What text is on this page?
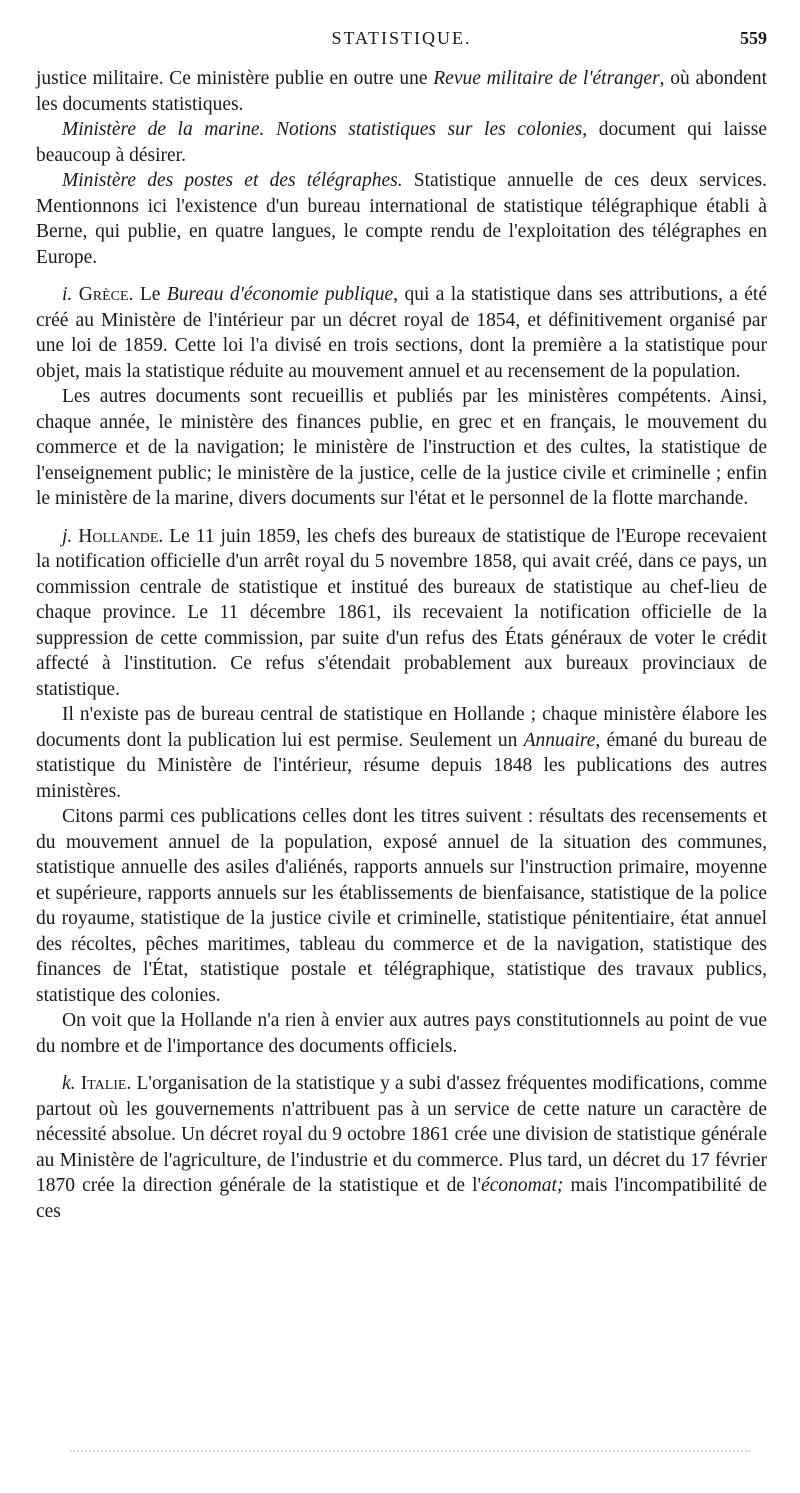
STATISTIQUE.	559

justice militaire. Ce ministère publie en outre une Revue militaire de l'étranger, où abondent les documents statistiques.

Ministère de la marine. Notions statistiques sur les colonies, document qui laisse beaucoup à désirer.

Ministère des postes et des télégraphes. Statistique annuelle de ces deux services. Mentionnons ici l'existence d'un bureau international de statistique télégraphique établi à Berne, qui publie, en quatre langues, le compte rendu de l'exploitation des télégraphes en Europe.

i. Grèce. Le Bureau d'économie publique, qui a la statistique dans ses attributions, a été créé au Ministère de l'intérieur par un décret royal de 1854, et définitivement organisé par une loi de 1859. Cette loi l'a divisé en trois sections, dont la première a la statistique pour objet, mais la statistique réduite au mouvement annuel et au recensement de la population.

Les autres documents sont recueillis et publiés par les ministères compétents. Ainsi, chaque année, le ministère des finances publie, en grec et en français, le mouvement du commerce et de la navigation; le ministère de l'instruction et des cultes, la statistique de l'enseignement public; le ministère de la justice, celle de la justice civile et criminelle ; enfin le ministère de la marine, divers documents sur l'état et le personnel de la flotte marchande.

j. Hollande. Le 11 juin 1859, les chefs des bureaux de statistique de l'Europe recevaient la notification officielle d'un arrêt royal du 5 novembre 1858, qui avait créé, dans ce pays, un commission centrale de statistique et institué des bureaux de statistique au chef-lieu de chaque province. Le 11 décembre 1861, ils recevaient la notification officielle de la suppression de cette commission, par suite d'un refus des États généraux de voter le crédit affecté à l'institution. Ce refus s'étendait probablement aux bureaux provinciaux de statistique.

Il n'existe pas de bureau central de statistique en Hollande ; chaque ministère élabore les documents dont la publication lui est permise. Seulement un Annuaire, émané du bureau de statistique du Ministère de l'intérieur, résume depuis 1848 les publications des autres ministères.

Citons parmi ces publications celles dont les titres suivent : résultats des recensements et du mouvement annuel de la population, exposé annuel de la situation des communes, statistique annuelle des asiles d'aliénés, rapports annuels sur l'instruction primaire, moyenne et supérieure, rapports annuels sur les établissements de bienfaisance, statistique de la police du royaume, statistique de la justice civile et criminelle, statistique pénitentiaire, état annuel des récoltes, pêches maritimes, tableau du commerce et de la navigation, statistique des finances de l'État, statistique postale et télégraphique, statistique des travaux publics, statistique des colonies.

On voit que la Hollande n'a rien à envier aux autres pays constitutionnels au point de vue du nombre et de l'importance des documents officiels.

k. Italie. L'organisation de la statistique y a subi d'assez fréquentes modifications, comme partout où les gouvernements n'attribuent pas à un service de cette nature un caractère de nécessité absolue. Un décret royal du 9 octobre 1861 crée une division de statistique générale au Ministère de l'agriculture, de l'industrie et du commerce. Plus tard, un décret du 17 février 1870 crée la direction générale de la statistique et de l'économat; mais l'incompatibilité de ces
